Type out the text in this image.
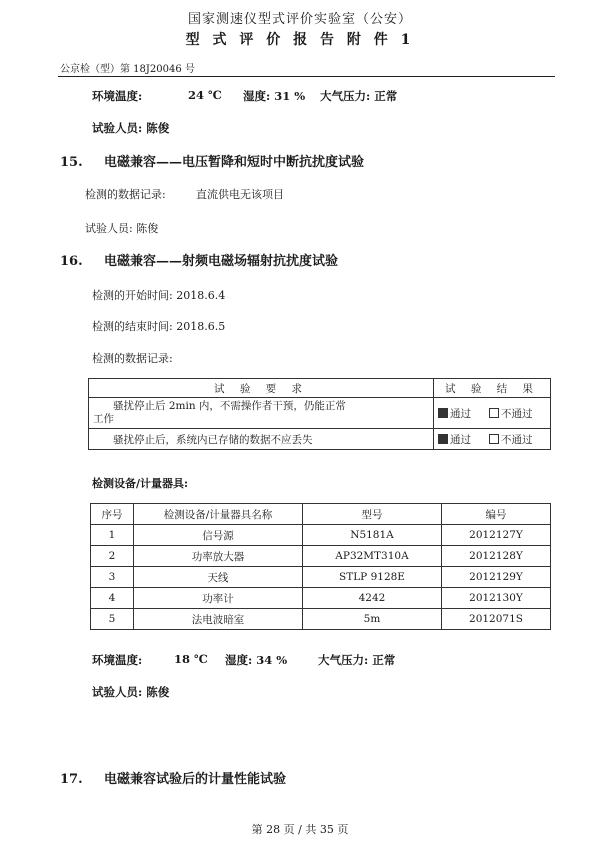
国家测速仪型式评价实验室（公安）
型 式 评 价 报 告 附 件 1
公京检（型）第 18J20046 号
环境温度:	24 ℃ 湿度: 31 % 大气压力: 正常
试验人员: 陈俊
15. 电磁兼容——电压暂降和短时中断抗扰度试验
检测的数据记录:	直流供电无该项目
试验人员: 陈俊
16. 电磁兼容——射频电磁场辐射抗扰度试验
检测的开始时间: 2018.6.4
检测的结束时间: 2018.6.5
检测的数据记录:
试 验 要 求	试 验 结 果

骚扰停止后 2min 内，不需操作者干预，仍能正常
工作	通过 不通过
骚扰停止后，系统内已存储的数据不应丢失	通过 不通过
检测设备/计量器具:
序号	检测设备/计量器具名称	型号	编号
1	信号源	N5181A	2012127Y
2	功率放大器	AP32MT310A	2012128Y
3	天线	STLP 9128E	2012129Y
4	功率计	4242	2012130Y
5	法电波暗室	5m	2012071S
环境温度:	18 ℃ 湿度: 34 %	大气压力: 正常
试验人员: 陈俊
17. 电磁兼容试验后的计量性能试验
第 28 页 / 共 35 页
